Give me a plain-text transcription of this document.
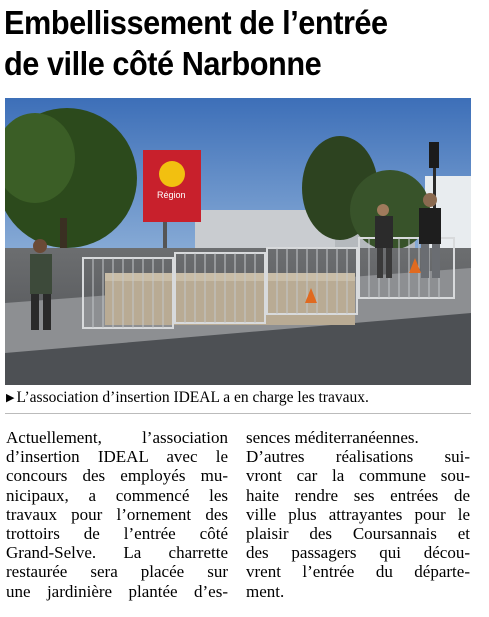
Embellissement de l’entrée
de ville côté Narbonne
Région
▶ L’association d’insertion IDEAL a en charge les travaux.
Actuellement, l’association
d’insertion IDEAL avec le
concours des employés mu-
nicipaux, a commencé les
travaux pour l’ornement des
trottoirs de l’entrée côté
Grand-Selve. La charrette
restaurée sera placée sur
une jardinière plantée d’es-
sences méditerranéennes.
D’autres réalisations sui-
vront car la commune sou-
haite rendre ses entrées de
ville plus attrayantes pour le
plaisir des Coursannais et
des passagers qui décou-
vrent l’entrée du départe-
ment.
